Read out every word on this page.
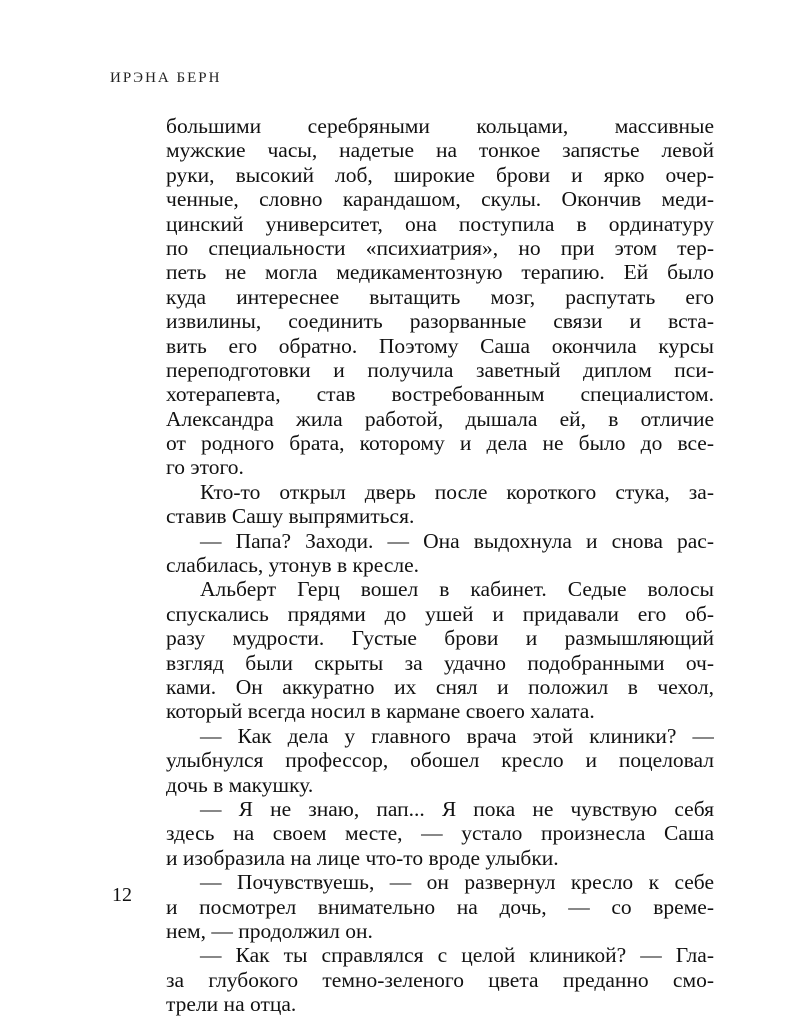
ИРЭНА БЕРН
большими серебряными кольцами, массивные
мужские часы, надетые на тонкое запястье левой
руки, высокий лоб, широкие брови и ярко очер-
ченные, словно карандашом, скулы. Окончив меди-
цинский университет, она поступила в ординатуру
по специальности «психиатрия», но при этом тер-
петь не могла медикаментозную терапию. Ей было
куда интереснее вытащить мозг, распутать его
извилины, соединить разорванные связи и вста-
вить его обратно. Поэтому Саша окончила курсы
переподготовки и получила заветный диплом пси-
хотерапевта, став востребованным специалистом.
Александра жила работой, дышала ей, в отличие
от родного брата, которому и дела не было до все-
го этого.
Кто-то открыл дверь после короткого стука, за-
ставив Сашу выпрямиться.
— Папа? Заходи. — Она выдохнула и снова рас-
слабилась, утонув в кресле.
Альберт Герц вошел в кабинет. Седые волосы
спускались прядями до ушей и придавали его об-
разу мудрости. Густые брови и размышляющий
взгляд были скрыты за удачно подобранными оч-
ками. Он аккуратно их снял и положил в чехол,
который всегда носил в кармане своего халата.
— Как дела у главного врача этой клиники? —
улыбнулся профессор, обошел кресло и поцеловал
дочь в макушку.
— Я не знаю, пап... Я пока не чувствую себя
здесь на своем месте, — устало произнесла Саша
и изобразила на лице что-то вроде улыбки.
— Почувствуешь, — он развернул кресло к себе
и посмотрел внимательно на дочь, — со време-
нем, — продолжил он.
— Как ты справлялся с целой клиникой? — Гла-
за глубокого темно-зеленого цвета преданно смо-
трели на отца.
12
